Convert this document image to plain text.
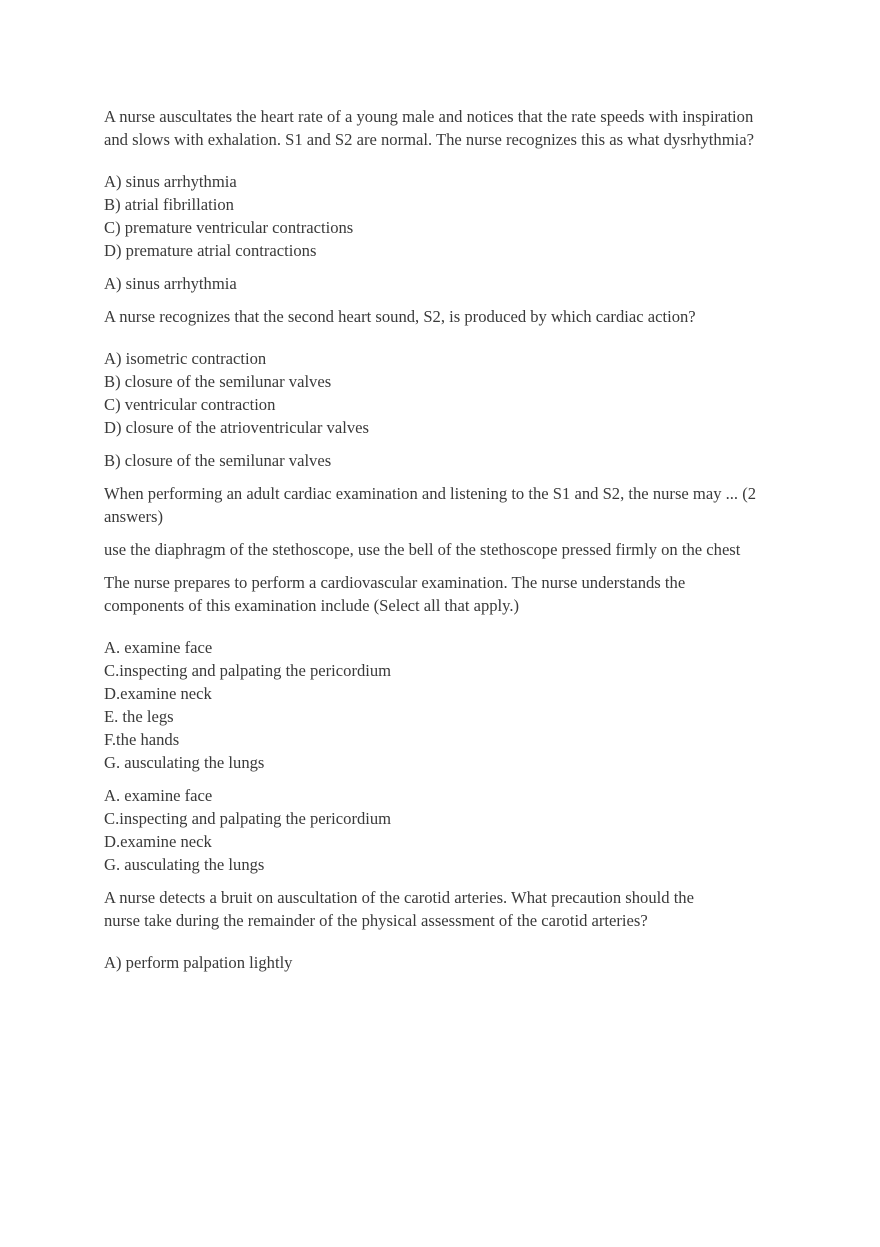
A nurse auscultates the heart rate of a young male and notices that the rate speeds with inspiration and slows with exhalation. S1 and S2 are normal. The nurse recognizes this as what dysrhythmia?

A) sinus arrhythmia
B) atrial fibrillation
C) premature ventricular contractions
D) premature atrial contractions

A) sinus arrhythmia

A nurse recognizes that the second heart sound, S2, is produced by which cardiac action?

A) isometric contraction
B) closure of the semilunar valves
C) ventricular contraction
D) closure of the atrioventricular valves

B) closure of the semilunar valves

When performing an adult cardiac examination and listening to the S1 and S2, the nurse may ... (2 answers)

use the diaphragm of the stethoscope, use the bell of the stethoscope pressed firmly on the chest

The nurse prepares to perform a cardiovascular examination. The nurse understands the components of this examination include (Select all that apply.)

A. examine face
C.inspecting and palpating the pericordium
D.examine neck
E. the legs
F.the hands
G. ausculating the lungs
A. examine face
C.inspecting and palpating the pericordium
D.examine neck
G. ausculating the lungs

A nurse detects a bruit on auscultation of the carotid arteries. What precaution should the nurse take during the remainder of the physical assessment of the carotid arteries?

A) perform palpation lightly
